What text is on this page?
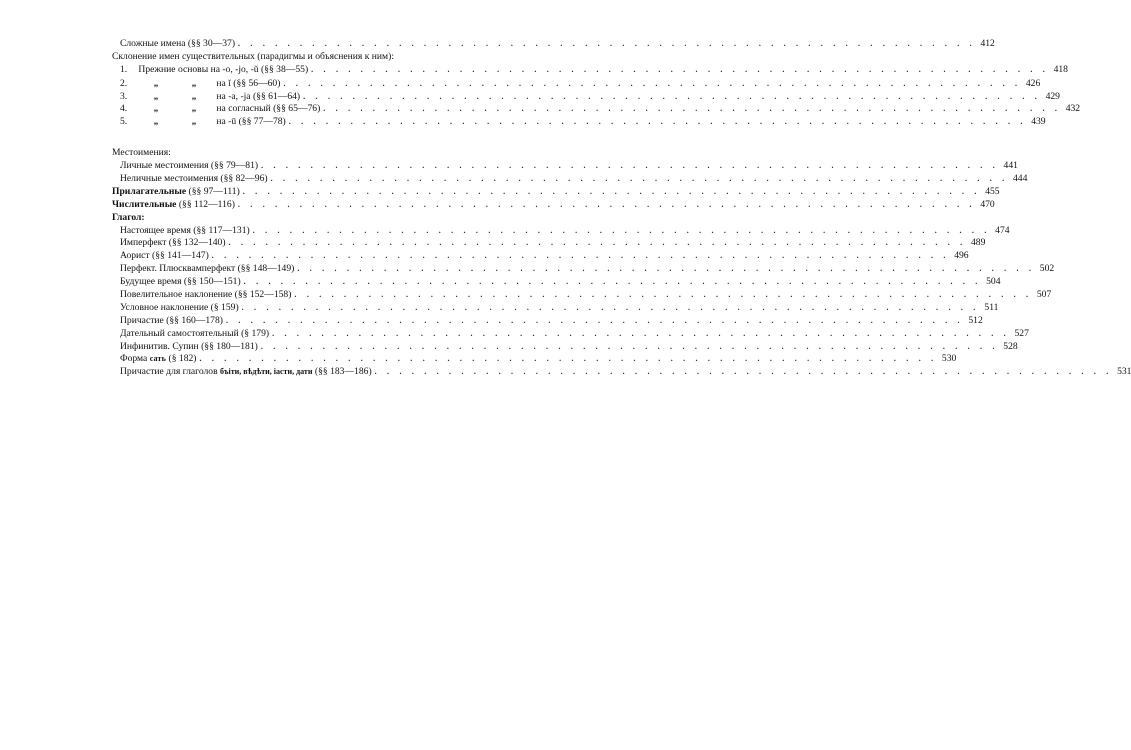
Сложные имена (§§ 30—37) . . . . . . . . . . . . . . . . . . . . . . . . . . . . . . . . . . . . . . . . . . . . . . . . . . . . . . . . . . . . 412
Склонение имен существительных (парадигмы и объяснения к ним):
1. Прежние основы на -o, -jo, -ŭ (§§ 38—55) . . . . . . . . . . . . . . . . . . . . . . . . . . . . . . . . . . . . . . . . . . . . . . . . . . . . . . . . . . . . 418
2.	„	„ на ĭ (§§ 56—60) . . . . . . . . . . . . . . . . . . . . . . . . . . . . . . . . . . . . . . . . . . . . . . . . . . . . . . . . . . . . 426
3.	„	„ на -a, -ja (§§ 61—64) . . . . . . . . . . . . . . . . . . . . . . . . . . . . . . . . . . . . . . . . . . . . . . . . . . . . . . . . . . . . 429
4.	„	„ на согласный (§§ 65—76) . . . . . . . . . . . . . . . . . . . . . . . . . . . . . . . . . . . . . . . . . . . . . . . . . . . . . . . . . . . . 432
5.	„	„ на -ū (§§ 77—78) . . . . . . . . . . . . . . . . . . . . . . . . . . . . . . . . . . . . . . . . . . . . . . . . . . . . . . . . . . . . 439
Местоимения:
Личные местоимения (§§ 79—81) . . . . . . . . . . . . . . . . . . . . . . . . . . . . . . . . . . . . . . . . . . . . . . . . . . . . . . . . . . . . 441
Неличные местоимения (§§ 82—96) . . . . . . . . . . . . . . . . . . . . . . . . . . . . . . . . . . . . . . . . . . . . . . . . . . . . . . . . . . . . 444
Прилагательные (§§ 97—111) . . . . . . . . . . . . . . . . . . . . . . . . . . . . . . . . . . . . . . . . . . . . . . . . . . . . . . . . . . . . 455
Числительные (§§ 112—116) . . . . . . . . . . . . . . . . . . . . . . . . . . . . . . . . . . . . . . . . . . . . . . . . . . . . . . . . . . . . 470
Глагол:
Настоящее время (§§ 117—131) . . . . . . . . . . . . . . . . . . . . . . . . . . . . . . . . . . . . . . . . . . . . . . . . . . . . . . . . . . . . 474
Имперфект (§§ 132—140) . . . . . . . . . . . . . . . . . . . . . . . . . . . . . . . . . . . . . . . . . . . . . . . . . . . . . . . . . . . . 489
Аорист (§§ 141—147) . . . . . . . . . . . . . . . . . . . . . . . . . . . . . . . . . . . . . . . . . . . . . . . . . . . . . . . . . . . . 496
Перфект. Плюсквамперфект (§§ 148—149) . . . . . . . . . . . . . . . . . . . . . . . . . . . . . . . . . . . . . . . . . . . . . . . . . . . . . . . . . . . . 502
Будущее время (§§ 150—151) . . . . . . . . . . . . . . . . . . . . . . . . . . . . . . . . . . . . . . . . . . . . . . . . . . . . . . . . . . . . 504
Повелительное наклонение (§§ 152—158) . . . . . . . . . . . . . . . . . . . . . . . . . . . . . . . . . . . . . . . . . . . . . . . . . . . . . . . . . . . . 507
Условное наклонение (§ 159) . . . . . . . . . . . . . . . . . . . . . . . . . . . . . . . . . . . . . . . . . . . . . . . . . . . . . . . . . . . . 511
Причастие (§§ 160—178) . . . . . . . . . . . . . . . . . . . . . . . . . . . . . . . . . . . . . . . . . . . . . . . . . . . . . . . . . . . . 512
Дательный самостоятельный (§ 179) . . . . . . . . . . . . . . . . . . . . . . . . . . . . . . . . . . . . . . . . . . . . . . . . . . . . . . . . . . . . 527
Инфинитив. Супин (§§ 180—181) . . . . . . . . . . . . . . . . . . . . . . . . . . . . . . . . . . . . . . . . . . . . . . . . . . . . . . . . . . . . 528
Форма сать (§ 182) . . . . . . . . . . . . . . . . . . . . . . . . . . . . . . . . . . . . . . . . . . . . . . . . . . . . . . . . . . . . 530
Причастие для глаголов бъіти, вѣдѣти, іасти, дати (§§ 183—186) . . . . . . . . . . . . . . . . . . . . . . . . . . . . . . . . . . . . . . . . . . . . . . . . . . . . . . . . . . . . 531
